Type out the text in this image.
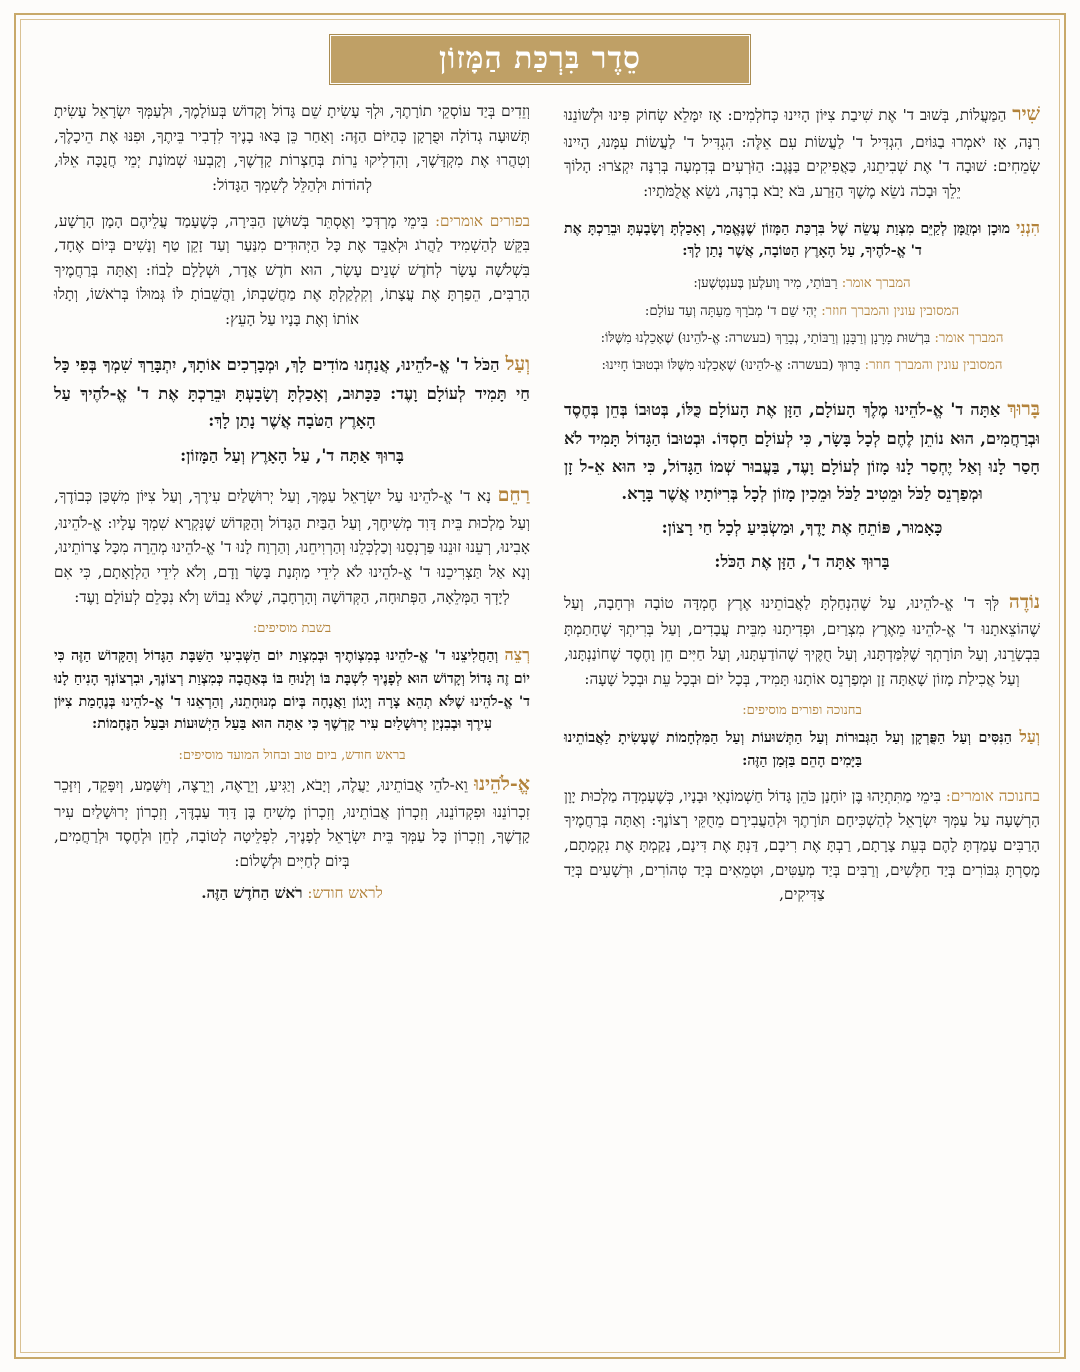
סֵדֶר בִּרְכַּת הַמָּזוֹן

שִׁיר הַמַּעֲלוֹת, בְּשׁוּב ד' אֶת שִׁיבַת צִיּוֹן הָיִינוּ כְּחֹלְמִים: אָז יִמָּלֵא שְׂחוֹק פִּינוּ וּלְשׁוֹנֵנוּ רִנָּה, אָז יֹאמְרוּ בַגּוֹיִם, הִגְדִּיל ד' לַעֲשׂוֹת עִם אֵלֶּה: הִגְדִּיל ד' לַעֲשׂוֹת עִמָּנוּ, הָיִינוּ שְׂמֵחִים: שׁוּבָה ד' אֶת שְׁבִיתֵנוּ, כַּאֲפִיקִים בַּנֶּגֶב: הַזֹּרְעִים בְּדִמְעָה בְּרִנָּה יִקְצֹרוּ: הָלוֹךְ יֵלֵךְ וּבָכֹה נֹשֵׂא מֶשֶׁךְ הַזָּרַע, בֹּא יָבֹא בְרִנָּה, נֹשֵׂא אֲלֻמֹּתָיו:

הִנְנִי מוּכָן וּמְזֻמָּן לְקַיֵּם מִצְוַת עֲשֵׂה שֶׁל בִּרְכַּת הַמָּזוֹן שֶׁנֶּאֱמַר, וְאָכַלְתָּ וְשָׂבָעְתָּ וּבֵרַכְתָּ אֶת ד' אֱ-לֹהֶיךָ, עַל הָאָרֶץ הַטּוֹבָה, אֲשֶׁר נָתַן לָךְ:

המברך אומר: רַבּוֹתַי, מִיר וֶועלֶען בֶּענְטְשֶׁען:

המסובין עונין והמברך חוזר: יְהִי שֵׁם ד' מְבֹרָךְ מֵעַתָּה וְעַד עוֹלָם:

המברך אומר: בִּרְשׁוּת מָרָנָן וְרַבָּנָן וְרַבּוֹתַי, נְבָרֵךְ (בעשרה: אֱ-לֹהֵינוּ) שֶׁאָכַלְנוּ מִשֶּׁלּוֹ:

המסובין עונין והמברך חוזר: בָּרוּךְ (בעשרה: אֱ-לֹהֵינוּ) שֶׁאָכַלְנוּ מִשֶּׁלּוֹ וּבְטוּבוֹ חָיִינוּ:

בָּרוּךְ אַתָּה ד' אֱ-לֹהֵינוּ מֶלֶךְ הָעוֹלָם, הַזָּן אֶת הָעוֹלָם כֻּלּוֹ, בְּטוּבוֹ בְּחֵן בְּחֶסֶד וּבְרַחֲמִים, הוּא נוֹתֵן לֶחֶם לְכָל בָּשָׂר, כִּי לְעוֹלָם חַסְדּוֹ. וּבְטוּבוֹ הַגָּדוֹל תָּמִיד לֹא חָסַר לָנוּ וְאַל יֶחְסַר לָנוּ מָזוֹן לְעוֹלָם וָעֶד, בַּעֲבוּר שְׁמוֹ הַגָּדוֹל, כִּי הוּא אֵ-ל זָן וּמְפַרְנֵס לַכֹּל וּמֵטִיב לַכֹּל וּמֵכִין מָזוֹן לְכָל בְּרִיּוֹתָיו אֲשֶׁר בָּרָא.

כָּאָמוּר, פּוֹתֵחַ אֶת יָדֶךָ, וּמַשְׂבִּיעַ לְכָל חַי רָצוֹן:

בָּרוּךְ אַתָּה ד', הַזָּן אֶת הַכֹּל:

נוֹדֶה לְּךָ ד' אֱ-לֹהֵינוּ, עַל שֶׁהִנְחַלְתָּ לַאֲבוֹתֵינוּ אֶרֶץ חֶמְדָּה טוֹבָה וּרְחָבָה, וְעַל שֶׁהוֹצֵאתָנוּ ד' אֱ-לֹהֵינוּ מֵאֶרֶץ מִצְרַיִם, וּפְדִיתָנוּ מִבֵּית עֲבָדִים, וְעַל בְּרִיתְךָ שֶׁחָתַמְתָּ בִּבְשָׂרֵנוּ, וְעַל תּוֹרָתְךָ שֶׁלִּמַּדְתָּנוּ, וְעַל חֻקֶּיךָ שֶׁהוֹדַעְתָּנוּ, וְעַל חַיִּים חֵן וָחֶסֶד שֶׁחוֹנַנְתָּנוּ, וְעַל אֲכִילַת מָזוֹן שָׁאַתָּה זָן וּמְפַרְנֵס אוֹתָנוּ תָּמִיד, בְּכָל יוֹם וּבְכָל עֵת וּבְכָל שָׁעָה:

בחנוכה ופורים מוסיפים:

וְעַל הַנִּסִּים וְעַל הַפֻּרְקָן וְעַל הַגְּבוּרוֹת וְעַל הַתְּשׁוּעוֹת וְעַל הַמִּלְחָמוֹת שֶׁעָשִׂיתָ לַאֲבוֹתֵינוּ בַּיָּמִים הָהֵם בַּזְּמַן הַזֶּה:

בחנוכה אומרים: בִּימֵי מַתִּתְיָהוּ בֶּן יוֹחָנָן כֹּהֵן גָּדוֹל חַשְׁמוֹנָאִי וּבָנָיו, כְּשֶׁעָמְדָה מַלְכוּת יָוָן הָרְשָׁעָה עַל עַמְּךָ יִשְׂרָאֵל לְהַשְׁכִּיחָם תּוֹרָתֶךָ וּלְהַעֲבִירָם מֵחֻקֵּי רְצוֹנֶךָ: וְאַתָּה בְּרַחֲמֶיךָ הָרַבִּים עָמַדְתָּ לָהֶם בְּעֵת צָרָתָם, רַבְתָּ אֶת רִיבָם, דַּנְתָּ אֶת דִּינָם, נָקַמְתָּ אֶת נִקְמָתָם, מָסַרְתָּ גִּבּוֹרִים בְּיַד חַלָּשִׁים, וְרַבִּים בְּיַד מְעַטִּים, וּטְמֵאִים בְּיַד טְהוֹרִים, וּרְשָׁעִים בְּיַד צַדִּיקִים,

וְזֵדִים בְּיַד עוֹסְקֵי תוֹרָתֶךָ, וּלְךָ עָשִׂיתָ שֵׁם גָּדוֹל וְקָדוֹשׁ בְּעוֹלָמֶךָ, וּלְעַמְּךָ יִשְׂרָאֵל עָשִׂיתָ תְּשׁוּעָה גְדוֹלָה וּפֻרְקָן כְּהַיּוֹם הַזֶּה: וְאַחַר כֵּן בָּאוּ בָנֶיךָ לִדְבִיר בֵּיתֶךָ, וּפִנּוּ אֶת הֵיכָלֶךָ, וְטִהֲרוּ אֶת מִקְדָּשֶׁךָ, וְהִדְלִיקוּ נֵרוֹת בְּחַצְרוֹת קָדְשֶׁךָ, וְקָבְעוּ שְׁמוֹנַת יְמֵי חֲנֻכָּה אֵלּוּ, לְהוֹדוֹת וּלְהַלֵּל לְשִׁמְךָ הַגָּדוֹל:

בפורים אומרים: בִּימֵי מָרְדְּכַי וְאֶסְתֵּר בְּשׁוּשַׁן הַבִּירָה, כְּשֶׁעָמַד עֲלֵיהֶם הָמָן הָרָשָׁע, בִּקֵּשׁ לְהַשְׁמִיד לַהֲרֹג וּלְאַבֵּד אֶת כָּל הַיְּהוּדִים מִנַּעַר וְעַד זָקֵן טַף וְנָשִׁים בְּיוֹם אֶחָד, בִּשְׁלֹשָׁה עָשָׂר לְחֹדֶשׁ שְׁנֵים עָשָׂר, הוּא חֹדֶשׁ אֲדָר, וּשְׁלָלָם לָבוֹז: וְאַתָּה בְּרַחֲמֶיךָ הָרַבִּים, הֵפַרְתָּ אֶת עֲצָתוֹ, וְקִלְקַלְתָּ אֶת מַחֲשַׁבְתּוֹ, וַהֲשֵׁבוֹתָ לּוֹ גְּמוּלוֹ בְּרֹאשׁוֹ, וְתָלוּ אוֹתוֹ וְאֶת בָּנָיו עַל הָעֵץ:

וְעַל הַכֹּל ד' אֱ-לֹהֵינוּ, אֲנַחְנוּ מוֹדִים לָךְ, וּמְבָרְכִים אוֹתָךְ, יִתְבָּרַךְ שִׁמְךָ בְּפִי כָּל חַי תָּמִיד לְעוֹלָם וָעֶד: כַּכָּתוּב, וְאָכַלְתָּ וְשָׂבָעְתָּ וּבֵרַכְתָּ אֶת ד' אֱ-לֹהֶיךָ עַל הָאָרֶץ הַטֹּבָה אֲשֶׁר נָתַן לָךְ:

בָּרוּךְ אַתָּה ד', עַל הָאָרֶץ וְעַל הַמָּזוֹן:

רַחֵם נָא ד' אֱ-לֹהֵינוּ עַל יִשְׂרָאֵל עַמֶּךָ, וְעַל יְרוּשָׁלַיִם עִירֶךָ, וְעַל צִיּוֹן מִשְׁכַּן כְּבוֹדֶךָ, וְעַל מַלְכוּת בֵּית דָּוִד מְשִׁיחֶךָ, וְעַל הַבַּיִת הַגָּדוֹל וְהַקָּדוֹשׁ שֶׁנִּקְרָא שִׁמְךָ עָלָיו: אֱ-לֹהֵינוּ, אָבִינוּ, רְעֵנוּ זוּנֵנוּ פַּרְנְסֵנוּ וְכַלְכְּלֵנוּ וְהַרְוִיחֵנוּ, וְהַרְוַח לָנוּ ד' אֱ-לֹהֵינוּ מְהֵרָה מִכָּל צָרוֹתֵינוּ, וְנָא אַל תַּצְרִיכֵנוּ ד' אֱ-לֹהֵינוּ לֹא לִידֵי מַתְּנַת בָּשָׂר וָדָם, וְלֹא לִידֵי הַלְוָאָתָם, כִּי אִם לְיָדְךָ הַמְּלֵאָה, הַפְּתוּחָה, הַקְּדוֹשָׁה וְהָרְחָבָה, שֶׁלֹּא נֵבוֹשׁ וְלֹא נִכָּלֵם לְעוֹלָם וָעֶד:

בשבת מוסיפים:

רְצֵה וְהַחֲלִיצֵנוּ ד' אֱ-לֹהֵינוּ בְּמִצְוֹתֶיךָ וּבְמִצְוַת יוֹם הַשְּׁבִיעִי הַשַּׁבָּת הַגָּדוֹל וְהַקָּדוֹשׁ הַזֶּה כִּי יוֹם זֶה גָּדוֹל וְקָדוֹשׁ הוּא לְפָנֶיךָ לִשְׁבָּת בּוֹ וְלָנוּחַ בּוֹ בְּאַהֲבָה כְּמִצְוַת רְצוֹנֶךָ, וּבִרְצוֹנְךָ הָנִיחַ לָנוּ ד' אֱ-לֹהֵינוּ שֶׁלֹּא תְהֵא צָרָה וְיָגוֹן וַאֲנָחָה בְּיוֹם מְנוּחָתֵנוּ, וְהַרְאֵנוּ ד' אֱ-לֹהֵינוּ בְּנֶחָמַת צִיּוֹן עִירֶךָ וּבְבִנְיַן יְרוּשָׁלַיִם עִיר קָדְשֶׁךָ כִּי אַתָּה הוּא בַּעַל הַיְשׁוּעוֹת וּבַעַל הַנֶּחָמוֹת:

בראש חודש, ביום טוב ובחול המועד מוסיפים:

אֱ-לֹהֵינוּ וֵא-לֹהֵי אֲבוֹתֵינוּ, יַעֲלֶה, וְיָבֹא, וְיַגִּיעַ, וְיֵרָאֶה, וְיֵרָצֶה, וְיִשָּׁמַע, וְיִפָּקֵד, וְיִזָּכֵר זִכְרוֹנֵנוּ וּפִקְדוֹנֵנוּ, וְזִכְרוֹן אֲבוֹתֵינוּ, וְזִכְרוֹן מָשִׁיחַ בֶּן דָּוִד עַבְדֶּךָ, וְזִכְרוֹן יְרוּשָׁלַיִם עִיר קָדְשֶׁךָ, וְזִכְרוֹן כָּל עַמְּךָ בֵּית יִשְׂרָאֵל לְפָנֶיךָ, לִפְלֵיטָה לְטוֹבָה, לְחֵן וּלְחֶסֶד וּלְרַחֲמִים, בְּיוֹם לְחַיִּים וּלְשָׁלוֹם:

לראש חודש: רֹאשׁ הַחֹדֶשׁ הַזֶּה.
